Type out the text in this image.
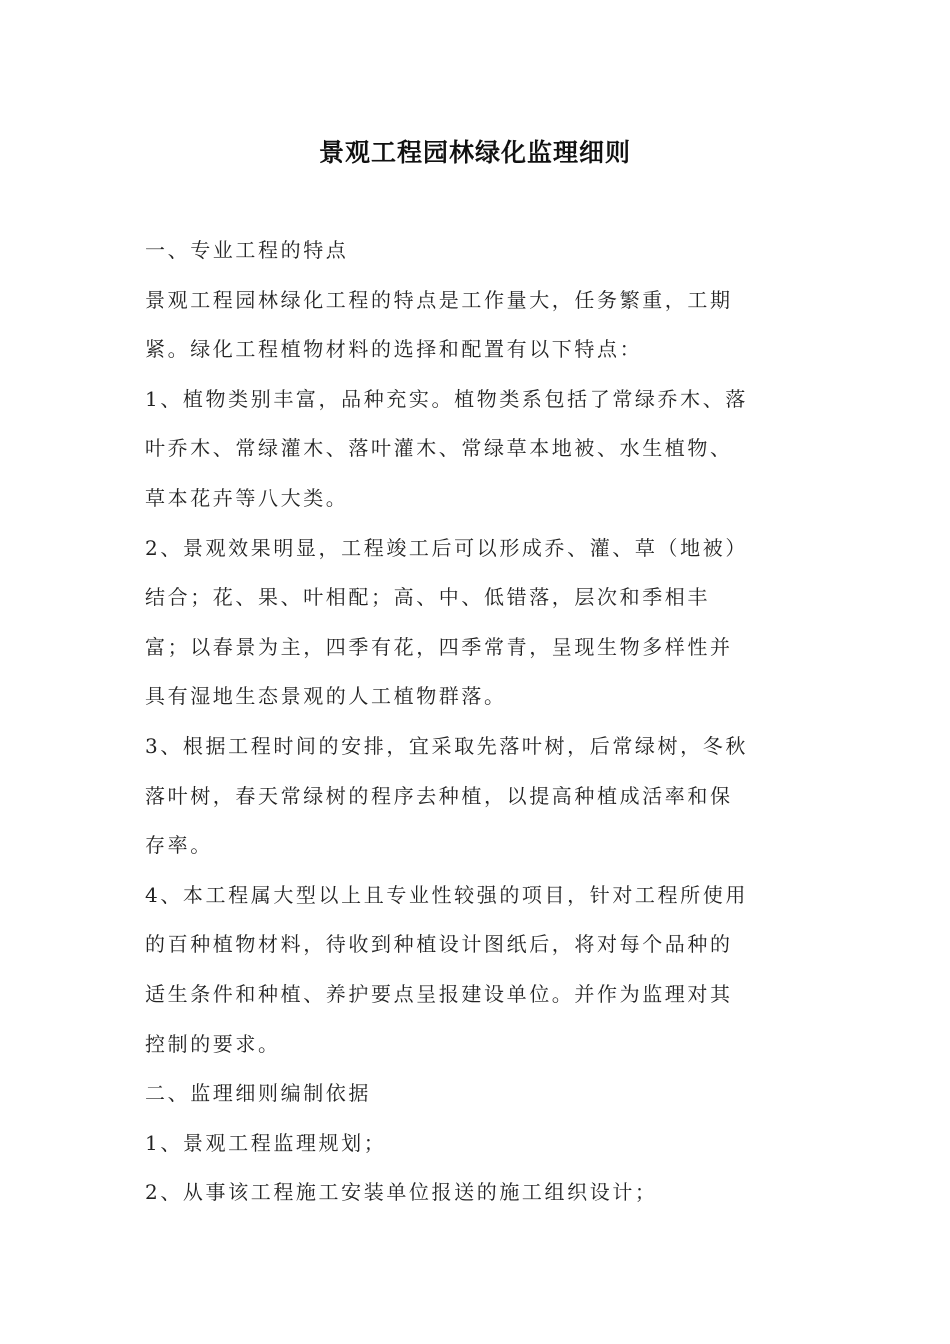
景观工程园林绿化监理细则

一、专业工程的特点

景观工程园林绿化工程的特点是工作量大，任务繁重，工期紧。绿化工程植物材料的选择和配置有以下特点：

1、植物类别丰富，品种充实。植物类系包括了常绿乔木、落叶乔木、常绿灌木、落叶灌木、常绿草本地被、水生植物、草本花卉等八大类。

2、景观效果明显，工程竣工后可以形成乔、灌、草（地被）结合；花、果、叶相配；高、中、低错落，层次和季相丰富；以春景为主，四季有花，四季常青，呈现生物多样性并具有湿地生态景观的人工植物群落。

3、根据工程时间的安排，宜采取先落叶树，后常绿树，冬秋落叶树，春天常绿树的程序去种植，以提高种植成活率和保存率。

4、本工程属大型以上且专业性较强的项目，针对工程所使用的百种植物材料，待收到种植设计图纸后，将对每个品种的适生条件和种植、养护要点呈报建设单位。并作为监理对其控制的要求。

二、监理细则编制依据

1、景观工程监理规划；

2、从事该工程施工安装单位报送的施工组织设计；
